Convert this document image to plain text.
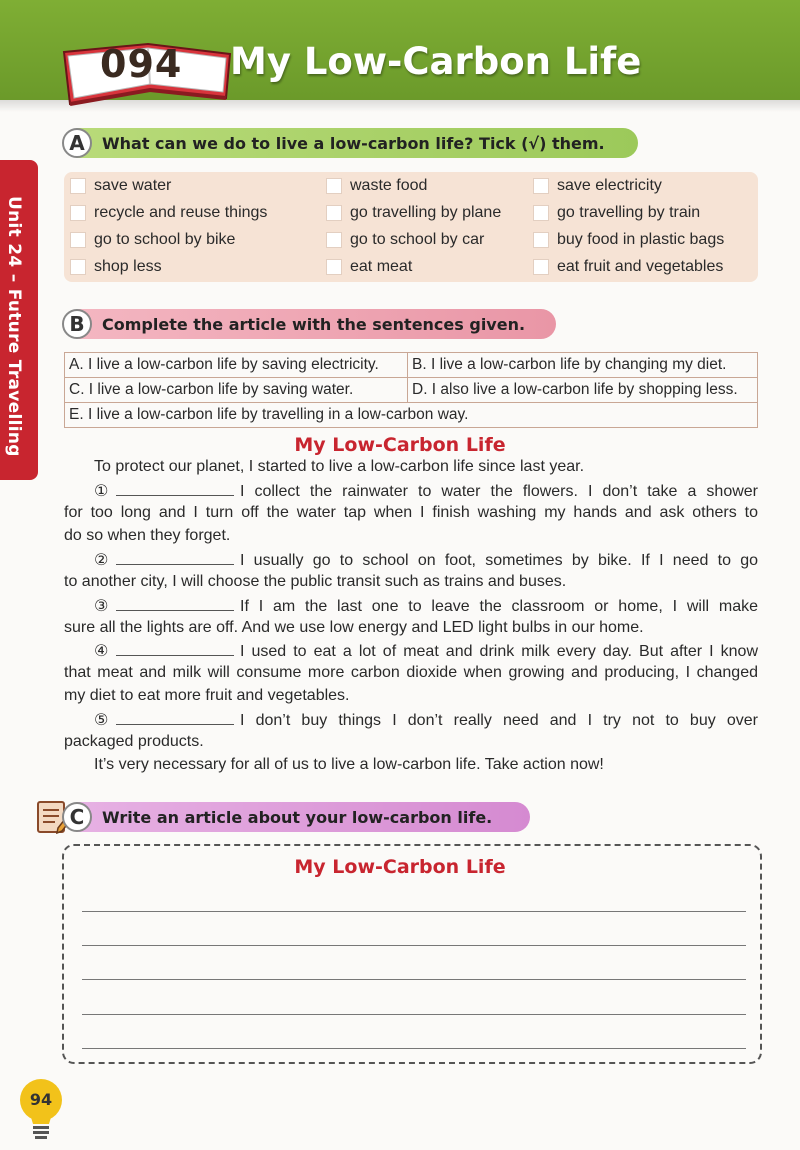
094 My Low-Carbon Life
Unit 24 – Future Travelling
A	What can we do to live a low-carbon life? Tick (√) them.
save water	waste food	save electricity
recycle and reuse things	go travelling by plane	go travelling by train
go to school by bike	go to school by car	buy food in plastic bags
shop less	eat meat	eat fruit and vegetables
B	Complete the article with the sentences given.
A. I live a low-carbon life by saving electricity.	B. I live a low-carbon life by changing my diet.
C. I live a low-carbon life by saving water.	D. I also live a low-carbon life by shopping less.
E. I live a low-carbon life by travelling in a low-carbon way.	
My Low-Carbon Life
To protect our planet, I started to live a low-carbon life since last year.
①	I collect the rainwater to water the flowers. I don’t take a shower
for too long and I turn off the water tap when I finish washing my hands and ask others to
do so when they forget.
②	I usually go to school on foot, sometimes by bike. If I need to go
to another city, I will choose the public transit such as trains and buses.
③	If I am the last one to leave the classroom or home, I will make
sure all the lights are off. And we use low energy and LED light bulbs in our home.
④	I used to eat a lot of meat and drink milk every day. But after I know
that meat and milk will consume more carbon dioxide when growing and producing, I changed
my diet to eat more fruit and vegetables.
⑤	I don’t buy things I don’t really need and I try not to buy over
packaged products.
It’s very necessary for all of us to live a low-carbon life. Take action now!
C	Write an article about your low-carbon life.
My Low-Carbon Life
94
